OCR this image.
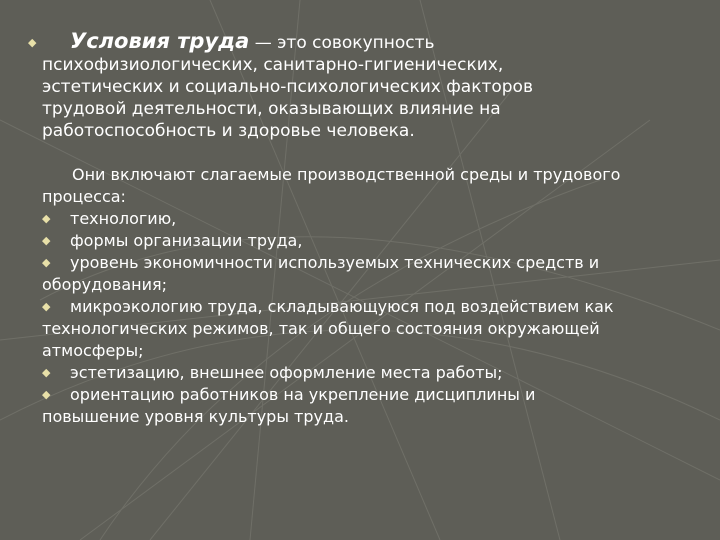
◆ Условия труда — это совокупность
психофизиологических, санитарно-гигиенических,
эстетических и социально-психологических факторов
трудовой деятельности, оказывающих влияние на
работоспособность и здоровье человека.
Они включают слагаемые производственной среды и трудового
процесса:
◆ технологию,
◆ формы организации труда,
◆ уровень экономичности используемых технических средств и
оборудования;
◆ микроэкологию труда, складывающуюся под воздействием как
технологических режимов, так и общего состояния окружающей
атмосферы;
◆ эстетизацию, внешнее оформление места работы;
◆ ориентацию работников на укрепление дисциплины и
повышение уровня культуры труда.
